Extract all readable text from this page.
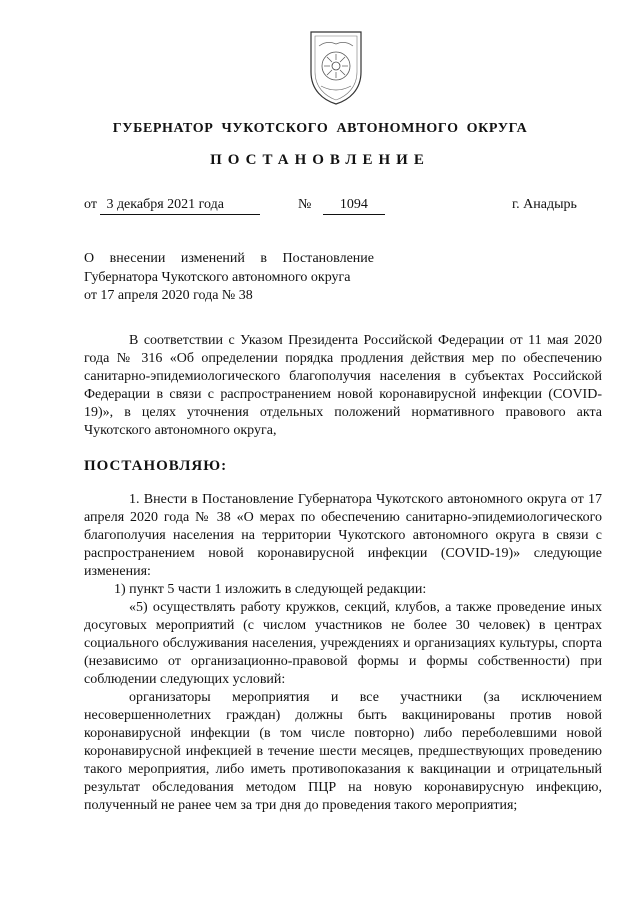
ГУБЕРНАТОР ЧУКОТСКОГО АВТОНОМНОГО ОКРУГА
ПОСТАНОВЛЕНИЕ
от 3 декабря 2021 года	№ 1094	г. Анадырь
О внесении изменений в Постановление
Губернатора Чукотского автономного округа
от 17 апреля 2020 года № 38

В соответствии с Указом Президента Российской Федерации от 11 мая 2020 года № 316 «Об определении порядка продления действия мер по обеспечению санитарно-эпидемиологического благополучия населения в субъектах Российской Федерации в связи с распространением новой коронавирусной инфекции (COVID-19)», в целях уточнения отдельных положений нормативного правового акта Чукотского автономного округа,

ПОСТАНОВЛЯЮ:

1. Внести в Постановление Губернатора Чукотского автономного округа от 17 апреля 2020 года № 38 «О мерах по обеспечению санитарно-эпидемиологического благополучия населения на территории Чукотского автономного округа в связи с распространением новой коронавирусной инфекции (COVID-19)» следующие изменения:

1) пункт 5 части 1 изложить в следующей редакции:

«5) осуществлять работу кружков, секций, клубов, а также проведение иных досуговых мероприятий (с числом участников не более 30 человек) в центрах социального обслуживания населения, учреждениях и организациях культуры, спорта (независимо от организационно-правовой формы и формы собственности) при соблюдении следующих условий:

организаторы мероприятия и все участники (за исключением несовершеннолетних граждан) должны быть вакцинированы против новой коронавирусной инфекции (в том числе повторно) либо переболевшими новой коронавирусной инфекцией в течение шести месяцев, предшествующих проведению такого мероприятия, либо иметь противопоказания к вакцинации и отрицательный результат обследования методом ПЦР на новую коронавирусную инфекцию, полученный не ранее чем за три дня до проведения такого мероприятия;
